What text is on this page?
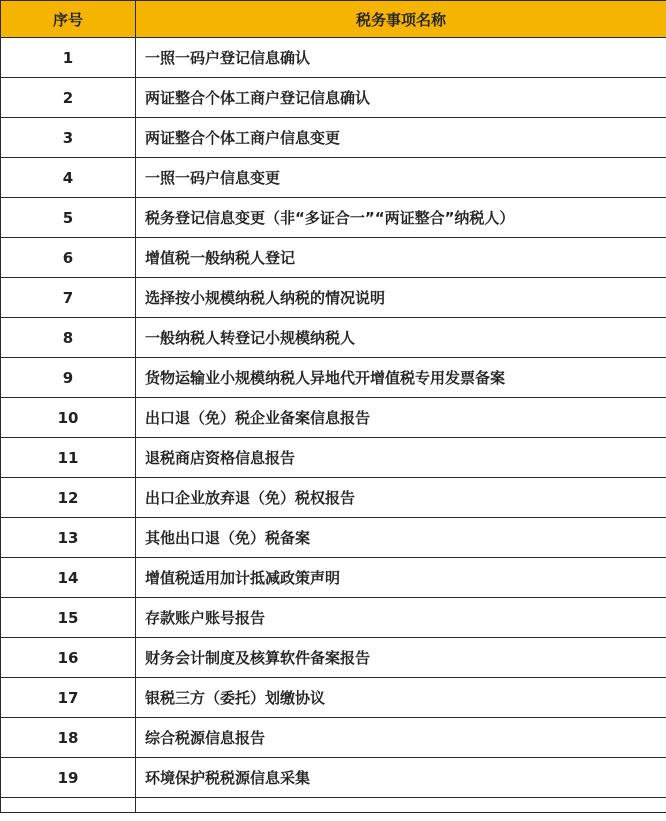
序号	税务事项名称
1	一照一码户登记信息确认
2	两证整合个体工商户登记信息确认
3	两证整合个体工商户信息变更
4	一照一码户信息变更
5	税务登记信息变更（非“多证合一”“两证整合”纳税人）
6	增值税一般纳税人登记
7	选择按小规模纳税人纳税的情况说明
8	一般纳税人转登记小规模纳税人
9	货物运输业小规模纳税人异地代开增值税专用发票备案
10	出口退（免）税企业备案信息报告
11	退税商店资格信息报告
12	出口企业放弃退（免）税权报告
13	其他出口退（免）税备案
14	增值税适用加计抵减政策声明
15	存款账户账号报告
16	财务会计制度及核算软件备案报告
17	银税三方（委托）划缴协议
18	综合税源信息报告
19	环境保护税税源信息采集
